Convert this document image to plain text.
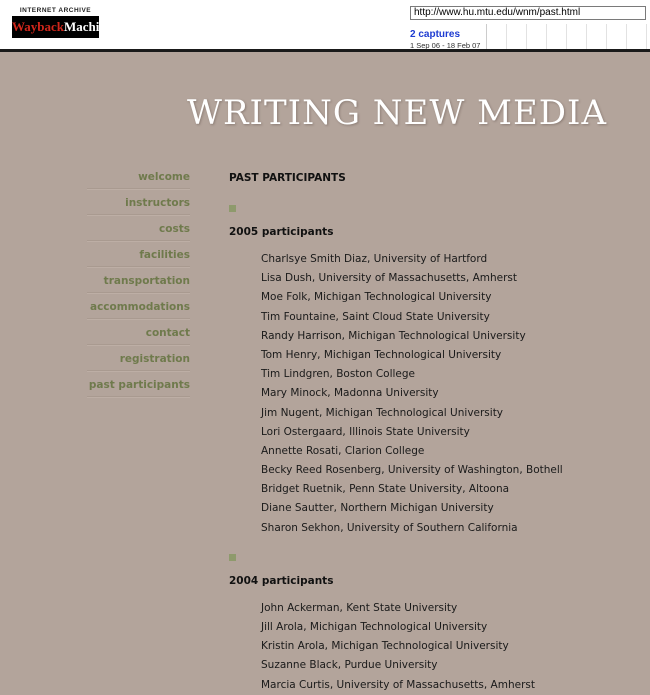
INTERNET ARCHIVE
WaybackMachine
http://www.hu.mtu.edu/wnm/past.html
2 captures
1 Sep 06 - 18 Feb 07
WRITING NEW MEDIA
welcome
instructors
costs
facilities
transportation
accommodations
contact
registration
past participants
PAST PARTICIPANTS
2005 participants
Charlsye Smith Diaz, University of Hartford
Lisa Dush, University of Massachusetts, Amherst
Moe Folk, Michigan Technological University
Tim Fountaine, Saint Cloud State University
Randy Harrison, Michigan Technological University
Tom Henry, Michigan Technological University
Tim Lindgren, Boston College
Mary Minock, Madonna University
Jim Nugent, Michigan Technological University
Lori Ostergaard, Illinois State University
Annette Rosati, Clarion College
Becky Reed Rosenberg, University of Washington, Bothell
Bridget Ruetnik, Penn State University, Altoona
Diane Sautter, Northern Michigan University
Sharon Sekhon, University of Southern California
2004 participants
John Ackerman, Kent State University
Jill Arola, Michigan Technological University
Kristin Arola, Michigan Technological University
Suzanne Black, Purdue University
Marcia Curtis, University of Massachusetts, Amherst
